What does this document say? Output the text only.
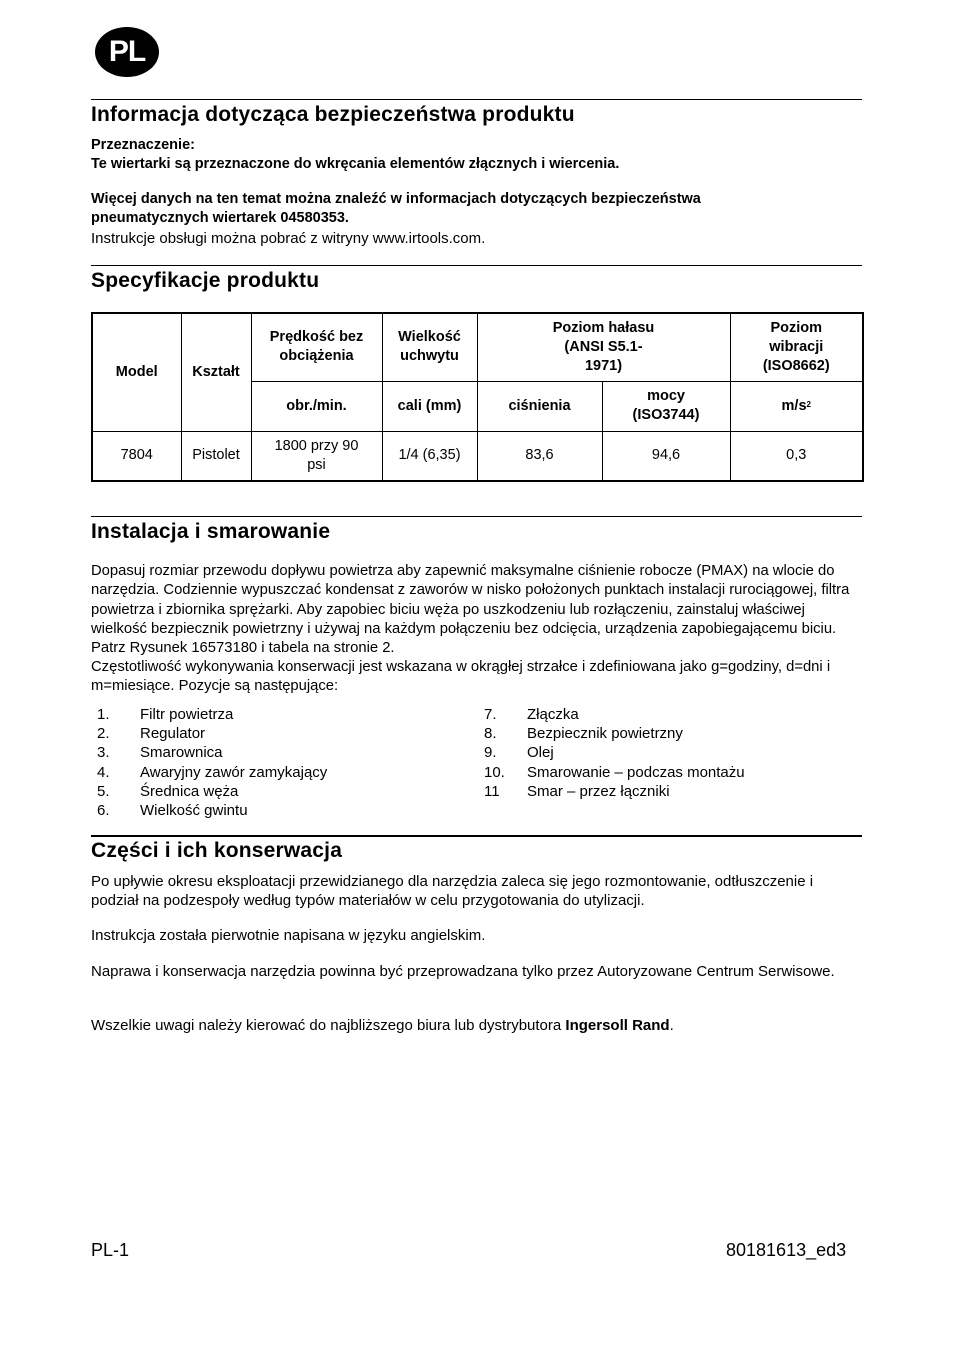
PL
Informacja dotycząca bezpieczeństwa produktu

Przeznaczenie:

Te wiertarki są przeznaczone do wkręcania elementów złącznych i wiercenia.

Więcej danych na ten temat można znaleźć w informacjach dotyczących bezpieczeństwa

pneumatycznych wiertarek 04580353.

Instrukcje obsługi można pobrać z witryny www.irtools.com.

Specyfikacje produktu
Model	Kształt	Prędkość bez obciążenia	Wielkość uchwytu	Poziom hałasu (ANSI S5.1-1971)		Poziom wibracji (ISO8662)
		obr./min.	cali (mm)	ciśnienia	mocy (ISO3744)	$m/s^2$
7804	Pistolet	1800 przy 90 psi	1/4 (6,35)	83,6	94,6	0,3
Instalacja i smarowanie

Dopasuj rozmiar przewodu dopływu powietrza aby zapewnić maksymalne ciśnienie robocze (PMAX) na wlocie do narzędzia. Codziennie wypuszczać kondensat z zaworów w nisko położonych punktach instalacji rurociągowej, filtra powietrza i zbiornika sprężarki. Aby zapobiec biciu węża po uszkodzeniu lub rozłączeniu, zainstaluj właściwej wielkość bezpiecznik powietrzny i używaj na każdym połączeniu bez odcięcia, urządzenia zapobiegającemu biciu. Patrz Rysunek 16573180 i tabela na stronie 2.

Częstotliwość wykonywania konserwacji jest wskazana w okrągłej strzałce i zdefiniowana jako g=godziny, d=dni i m=miesiące. Pozycje są następujące:

1.	Filtr powietrza
2.	Regulator
3.	Smarownica
4.	Awaryjny zawór zamykający
5.	Średnica węża
6.	Wielkość gwintu
7.	Złączka
8.	Bezpiecznik powietrzny
9.	Olej
10.	Smarowanie – podczas montażu
11	Smar – przez łączniki
Części i ich konserwacja

Po upływie okresu eksploatacji przewidzianego dla narzędzia zaleca się jego rozmontowanie, odtłuszczenie i podział na podzespoły według typów materiałów w celu przygotowania do utylizacji.

Instrukcja została pierwotnie napisana w języku angielskim.

Naprawa i konserwacja narzędzia powinna być przeprowadzana tylko przez Autoryzowane Centrum Serwisowe.

Wszelkie uwagi należy kierować do najbliższego biura lub dystrybutora Ingersoll Rand.

PL-1	80181613_ed3
